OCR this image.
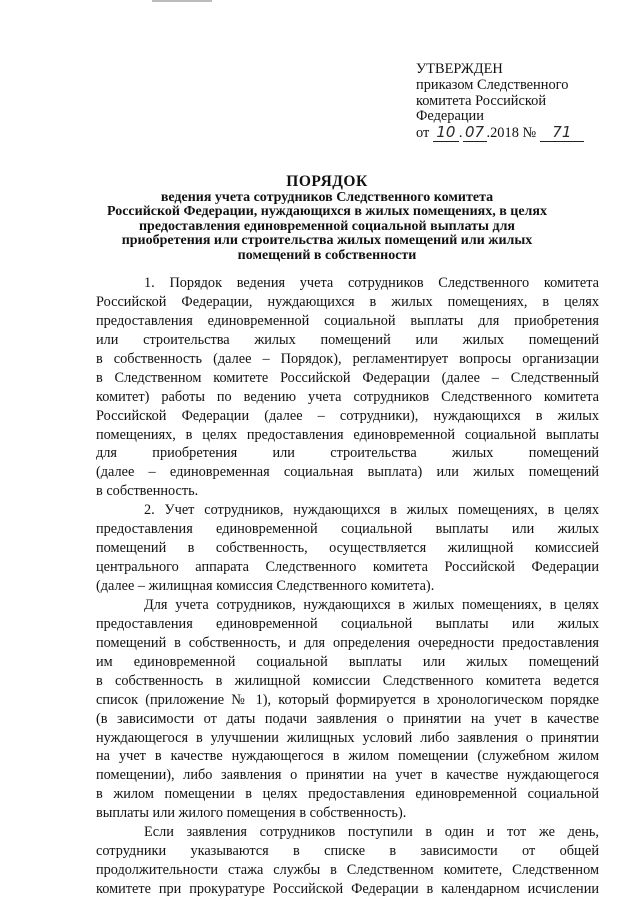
УТВЕРЖДЕН
приказом Следственного
комитета Российской
Федерации
от 10 . 07 .2018 № 71
ПОРЯДОК
ведения учета сотрудников Следственного комитета
Российской Федерации, нуждающихся в жилых помещениях, в целях
предоставления единовременной социальной выплаты для
приобретения или строительства жилых помещений или жилых
помещений в собственности
1. Порядок ведения учета сотрудников Следственного комитета
Российской Федерации, нуждающихся в жилых помещениях, в целях
предоставления единовременной социальной выплаты для приобретения
или строительства жилых помещений или жилых помещений
в собственность (далее – Порядок), регламентирует вопросы организации
в Следственном комитете Российской Федерации (далее – Следственный
комитет) работы по ведению учета сотрудников Следственного комитета
Российской Федерации (далее – сотрудники), нуждающихся в жилых
помещениях, в целях предоставления единовременной социальной выплаты
для приобретения или строительства жилых помещений
(далее – единовременная социальная выплата) или жилых помещений
в собственность.
2. Учет сотрудников, нуждающихся в жилых помещениях, в целях
предоставления единовременной социальной выплаты или жилых
помещений в собственность, осуществляется жилищной комиссией
центрального аппарата Следственного комитета Российской Федерации
(далее – жилищная комиссия Следственного комитета).
Для учета сотрудников, нуждающихся в жилых помещениях, в целях
предоставления единовременной социальной выплаты или жилых
помещений в собственность, и для определения очередности предоставления
им единовременной социальной выплаты или жилых помещений
в собственность в жилищной комиссии Следственного комитета ведется
список (приложение № 1), который формируется в хронологическом порядке
(в зависимости от даты подачи заявления о принятии на учет в качестве
нуждающегося в улучшении жилищных условий либо заявления о принятии
на учет в качестве нуждающегося в жилом помещении (служебном жилом
помещении), либо заявления о принятии на учет в качестве нуждающегося
в жилом помещении в целях предоставления единовременной социальной
выплаты или жилого помещения в собственность).
Если заявления сотрудников поступили в один и тот же день,
сотрудники указываются в списке в зависимости от общей
продолжительности стажа службы в Следственном комитете, Следственном
комитете при прокуратуре Российской Федерации в календарном исчислении
